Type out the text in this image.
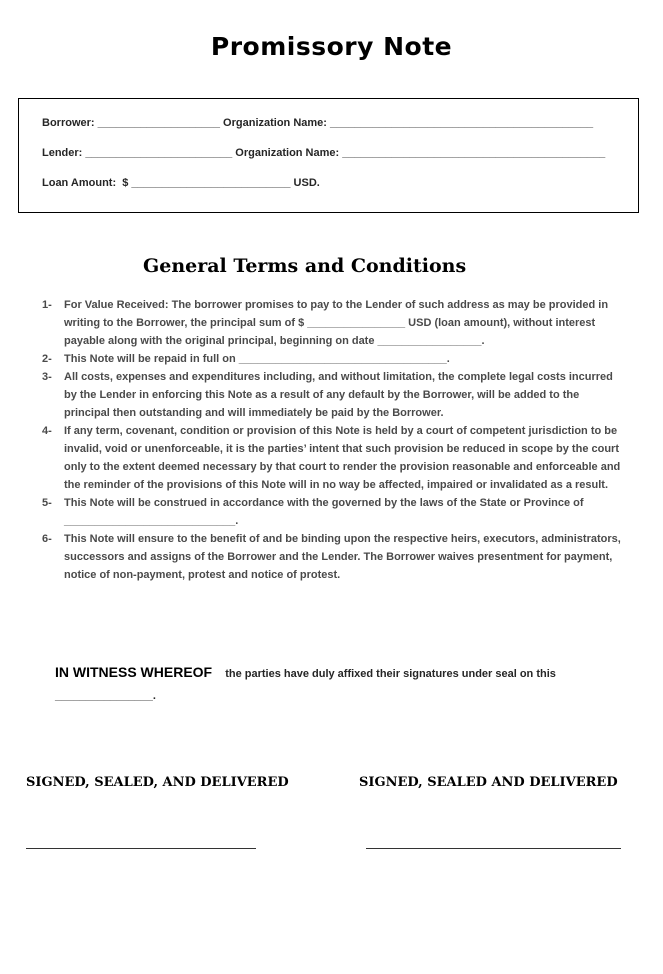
Promissory Note
Borrower: ____________________ Organization Name: ___________________________________________
Lender: ________________________ Organization Name: ___________________________________________
Loan Amount:  $ __________________________ USD.
General Terms and Conditions

1- For Value Received: The borrower promises to pay to the Lender of such address as may be provided in writing to the Borrower, the principal sum of $ ________________ USD (loan amount), without interest payable along with the original principal, beginning on date _________________.

2- This Note will be repaid in full on __________________________________.

3- All costs, expenses and expenditures including, and without limitation, the complete legal costs incurred by the Lender in enforcing this Note as a result of any default by the Borrower, will be added to the principal then outstanding and will immediately be paid by the Borrower.

4- If any term, covenant, condition or provision of this Note is held by a court of competent jurisdiction to be invalid, void or unenforceable, it is the parties’ intent that such provision be reduced in scope by the court only to the extent deemed necessary by that court to render the provision reasonable and enforceable and the reminder of the provisions of this Note will in no way be affected, impaired or invalidated as a result.

5- This Note will be construed in accordance with the governed by the laws of the State or Province of ____________________________.

6- This Note will ensure to the benefit of and be binding upon the respective heirs, executors, administrators, successors and assigns of the Borrower and the Lender. The Borrower waives presentment for payment, notice of non-payment, protest and notice of protest.

IN WITNESS WHEREOF the parties have duly affixed their signatures under seal on this
________________.
SIGNED, SEALED, AND DELIVERED	SIGNED, SEALED AND DELIVERED
